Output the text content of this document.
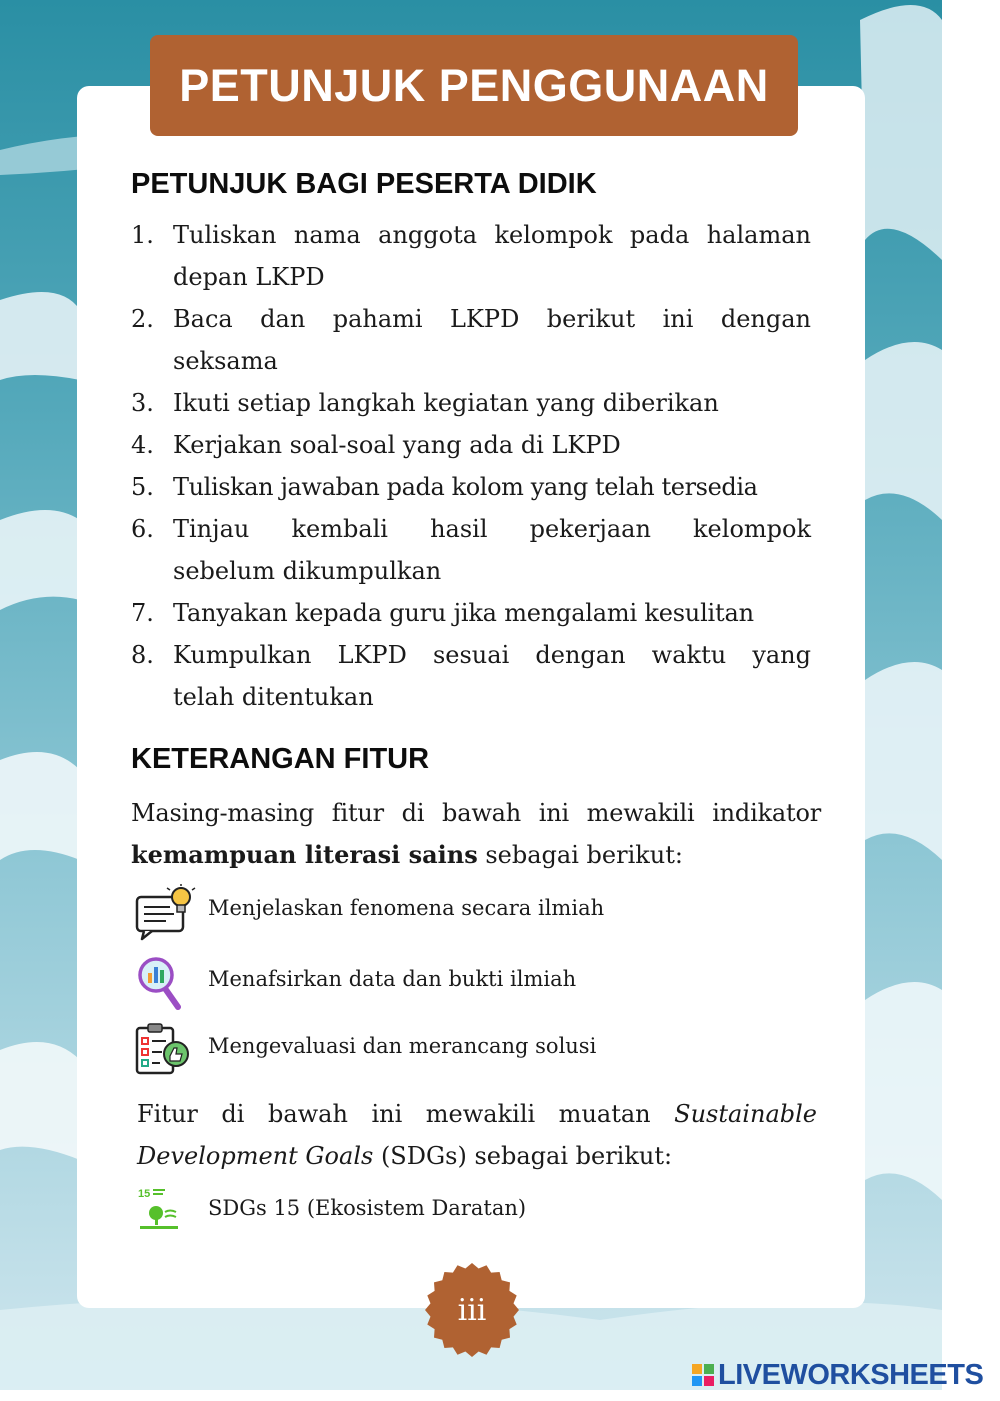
PETUNJUK PENGGUNAAN
PETUNJUK BAGI PESERTA DIDIK
1. Tuliskan nama anggota kelompok pada halaman
depan LKPD
2. Baca dan pahami LKPD berikut ini dengan
seksama
3. Ikuti setiap langkah kegiatan yang diberikan
4. Kerjakan soal-soal yang ada di LKPD
5. Tuliskan jawaban pada kolom yang telah tersedia
6. Tinjau kembali hasil pekerjaan kelompok
sebelum dikumpulkan
7. Tanyakan kepada guru jika mengalami kesulitan
8. Kumpulkan LKPD sesuai dengan waktu yang
telah ditentukan
KETERANGAN FITUR
Masing-masing fitur di bawah ini mewakili indikator
kemampuan literasi sains sebagai berikut:
Menjelaskan fenomena secara ilmiah
Menafsirkan data dan bukti ilmiah
Mengevaluasi dan merancang solusi
Fitur di bawah ini mewakili muatan Sustainable
Development Goals (SDGs) sebagai berikut:
15
SDGs 15 (Ekosistem Daratan)
iii
LIVEWORKSHEETS
